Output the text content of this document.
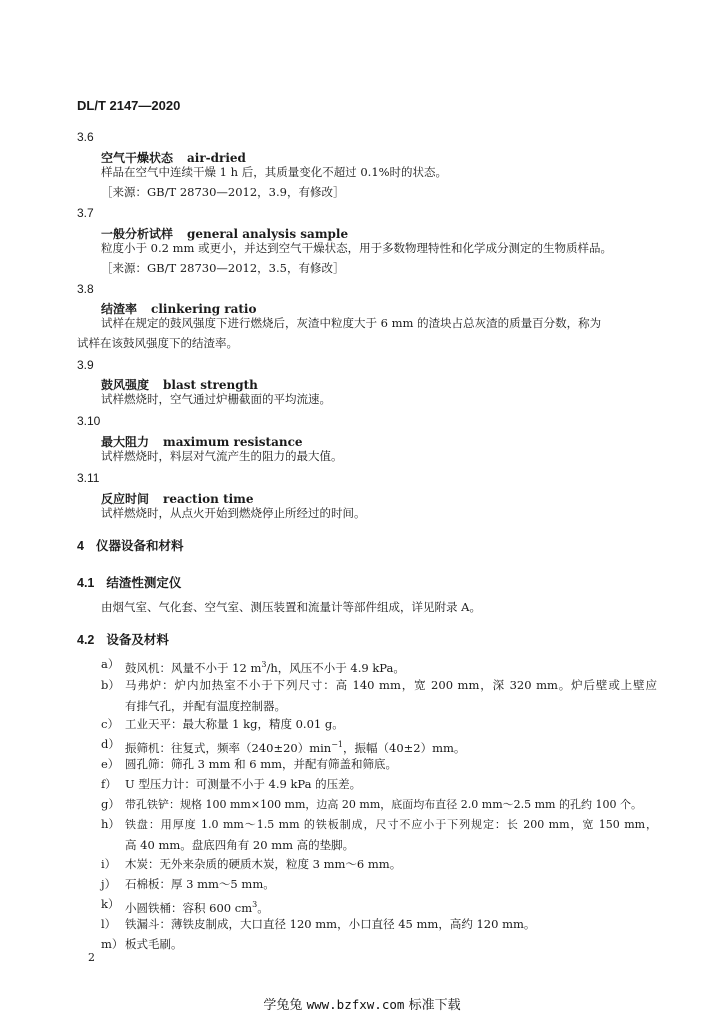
DL/T 2147—2020
3.6
空气干燥状态 air-dried
样品在空气中连续干燥 1 h 后，其质量变化不超过 0.1%时的状态。
［来源：GB/T 28730—2012，3.9，有修改］
3.7
一般分析试样 general analysis sample
粒度小于 0.2 mm 或更小，并达到空气干燥状态，用于多数物理特性和化学成分测定的生物质样品。
［来源：GB/T 28730—2012，3.5，有修改］
3.8
结渣率 clinkering ratio
试样在规定的鼓风强度下进行燃烧后，灰渣中粒度大于 6 mm 的渣块占总灰渣的质量百分数，称为
试样在该鼓风强度下的结渣率。
3.9
鼓风强度 blast strength
试样燃烧时，空气通过炉栅截面的平均流速。
3.10
最大阻力 maximum resistance
试样燃烧时，料层对气流产生的阻力的最大值。
3.11
反应时间 reaction time
试样燃烧时，从点火开始到燃烧停止所经过的时间。
4 仪器设备和材料
4.1 结渣性测定仪
由烟气室、气化套、空气室、测压装置和流量计等部件组成，详见附录 A。
4.2 设备及材料
a） 鼓风机：风量不小于 12 $m^3/h$，风压不小于 4.9 kPa。
b） 马弗炉：炉内加热室不小于下列尺寸：高 140 mm，宽 200 mm，深 320 mm。炉后壁或上壁应
有排气孔，并配有温度控制器。
c） 工业天平：最大称量 1 kg，精度 0.01 g。
d） 振筛机：往复式，频率$(240\pm 20)\min^{-1}$，振幅（40±2）mm。
e） 圆孔筛：筛孔 3 mm 和 6 mm，并配有筛盖和筛底。
f） U 型压力计：可测量不小于 4.9 kPa 的压差。
g） 带孔铁铲：规格 100 mm×100 mm，边高 20 mm，底面均布直径 2.0 mm～2.5 mm 的孔约 100 个。
h） 铁盘：用厚度 1.0 mm～1.5 mm 的铁板制成，尺寸不应小于下列规定：长 200 mm，宽 150 mm，
高 40 mm。盘底四角有 20 mm 高的垫脚。
i） 木炭：无外来杂质的硬质木炭，粒度 3 mm～6 mm。
j） 石棉板：厚 3 mm～5 mm。
k） 小圆铁桶：容积 600 $cm^3$。
l） 铁漏斗：薄铁皮制成，大口直径 120 mm，小口直径 45 mm，高约 120 mm。
m） 板式毛刷。
2
学兔兔 www.bzfxw.com 标准下载
